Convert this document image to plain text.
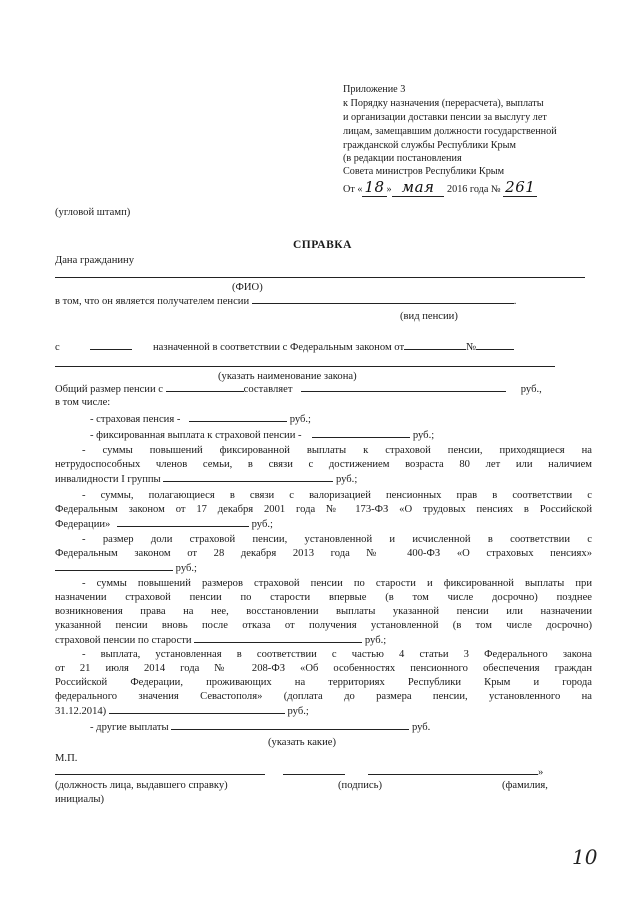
Приложение 3
к Порядку назначения (перерасчета), выплаты
и организации доставки пенсии за выслугу лет
лицам, замещавшим должности государственной
гражданской службы Республики Крым
(в редакции постановления
Совета министров Республики Крым
От « 18 » мая 2016 года № 261
(угловой штамп)
СПРАВКА
Дана гражданину
(ФИО)
в том, что он является получателем пенсии	.
(вид пенсии)
с	назначенной в соответствии с Федеральным законом от	№
(указать наименование закона)
Общий размер пенсии с	составляет	руб.,
в том числе:
- страховая пенсия -	руб.;
- фиксированная выплата к страховой пенсии -	руб.;
- суммы повышений фиксированной выплаты к страховой пенсии, приходящиеся на
нетрудоспособных членов семьи, в связи с достижением возраста 80 лет или наличием
инвалидности I группы	руб.;
- суммы, полагающиеся в связи с валоризацией пенсионных прав в соответствии с
Федеральным законом от 17 декабря 2001 года № 173-ФЗ «О трудовых пенсиях в Российской
Федерации»	руб.;
- размер доли страховой пенсии, установленной и исчисленной в соответствии с
Федеральным законом от 28 декабря 2013 года № 400-ФЗ «О страховых пенсиях»
руб.;
- суммы повышений размеров страховой пенсии по старости и фиксированной выплаты при
назначении страховой пенсии по старости впервые (в том числе досрочно) позднее
возникновения права на нее, восстановлении выплаты указанной пенсии или назначении
указанной пенсии вновь после отказа от получения установленной (в том числе досрочно)
страховой пенсии по старости	руб.;
- выплата, установленная в соответствии с частью 4 статьи 3 Федерального закона
от 21 июля 2014 года № 208-ФЗ «Об особенностях пенсионного обеспечения граждан
Российской Федерации, проживающих на территориях Республики Крым и города
федерального значения Севастополя» (доплата до размера пенсии, установленного на
31.12.2014)	руб.;
- другие выплаты	руб.
(указать какие)
М.П.
»
(должность лица, выдавшего справку)	(подпись)	(фамилия,
инициалы)
10
